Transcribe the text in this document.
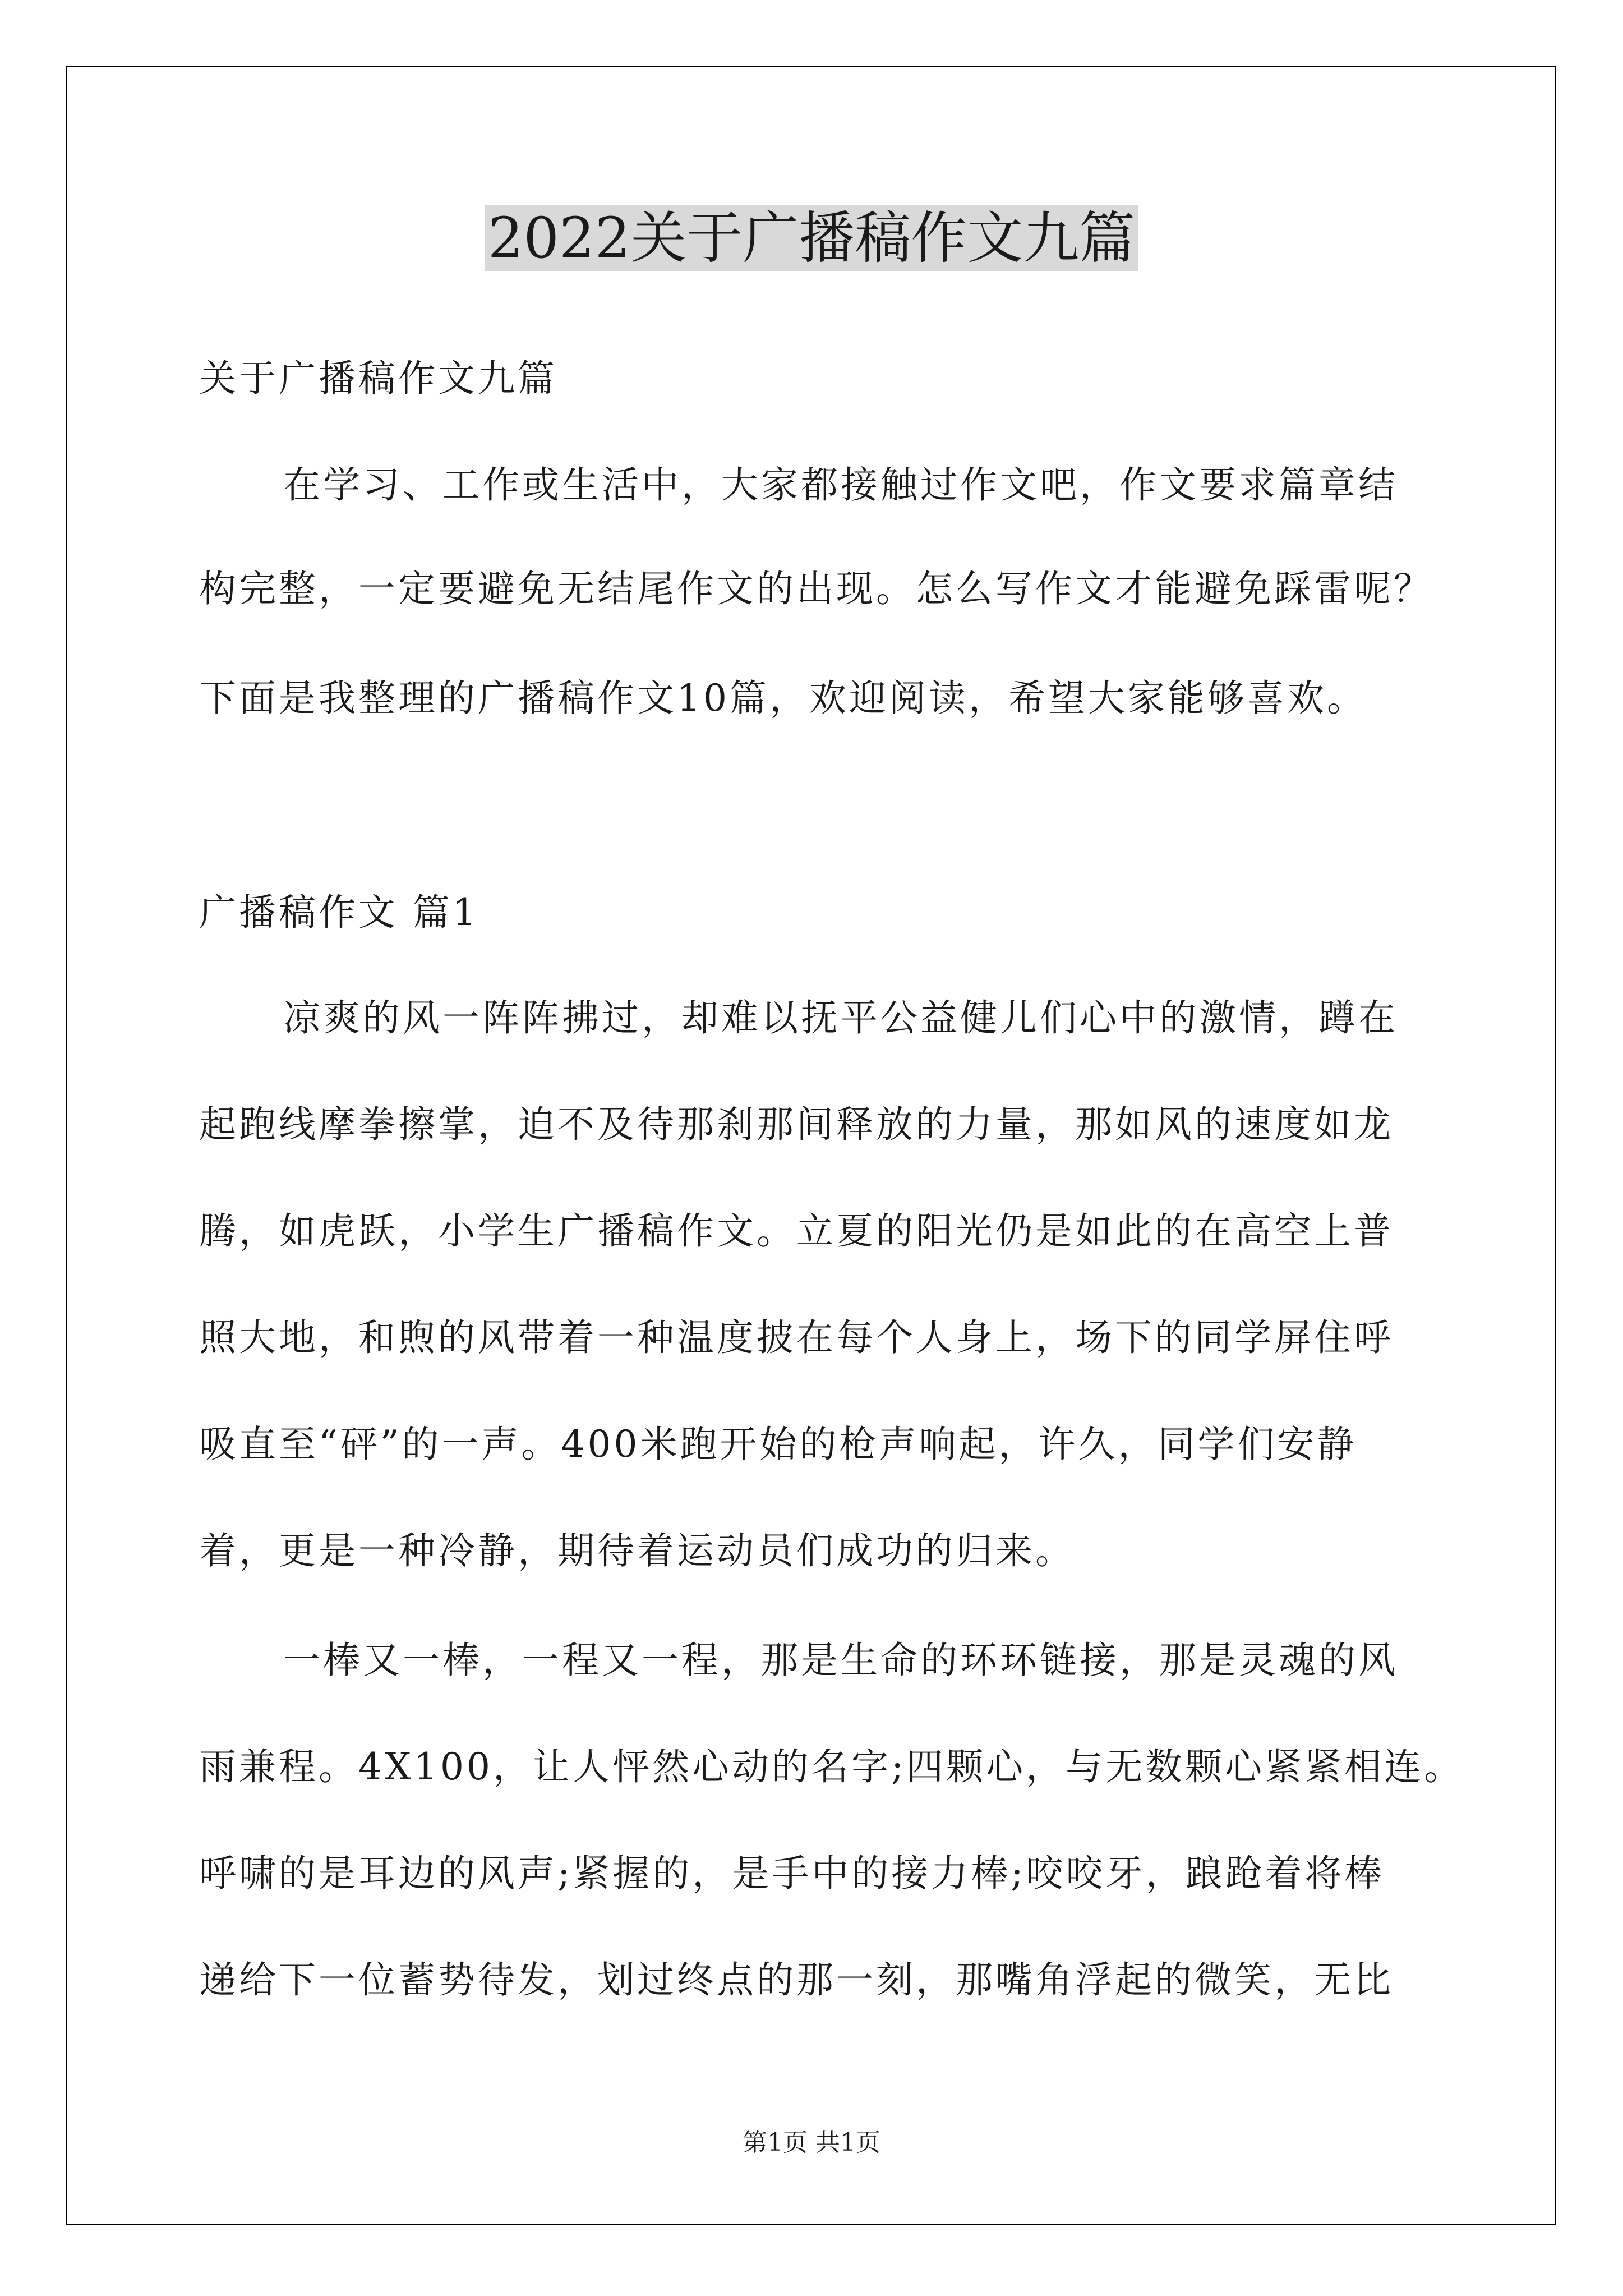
2022关于广播稿作文九篇

关于广播稿作文九篇

在学习、工作或生活中，大家都接触过作文吧，作文要求篇章结

构完整，一定要避免无结尾作文的出现。怎么写作文才能避免踩雷呢？

下面是我整理的广播稿作文10篇，欢迎阅读，希望大家能够喜欢。

广播稿作文 篇1

凉爽的风一阵阵拂过，却难以抚平公益健儿们心中的激情，蹲在

起跑线摩拳擦掌，迫不及待那刹那间释放的力量，那如风的速度如龙

腾，如虎跃，小学生广播稿作文。立夏的阳光仍是如此的在高空上普

照大地，和煦的风带着一种温度披在每个人身上，场下的同学屏住呼

吸直至“砰”的一声。400米跑开始的枪声响起，许久，同学们安静

着，更是一种冷静，期待着运动员们成功的归来。

一棒又一棒，一程又一程，那是生命的环环链接，那是灵魂的风

雨兼程。4X100，让人怦然心动的名字;四颗心，与无数颗心紧紧相连。

呼啸的是耳边的风声;紧握的，是手中的接力棒;咬咬牙，踉跄着将棒

递给下一位蓄势待发，划过终点的那一刻，那嘴角浮起的微笑，无比

第1页 共1页
